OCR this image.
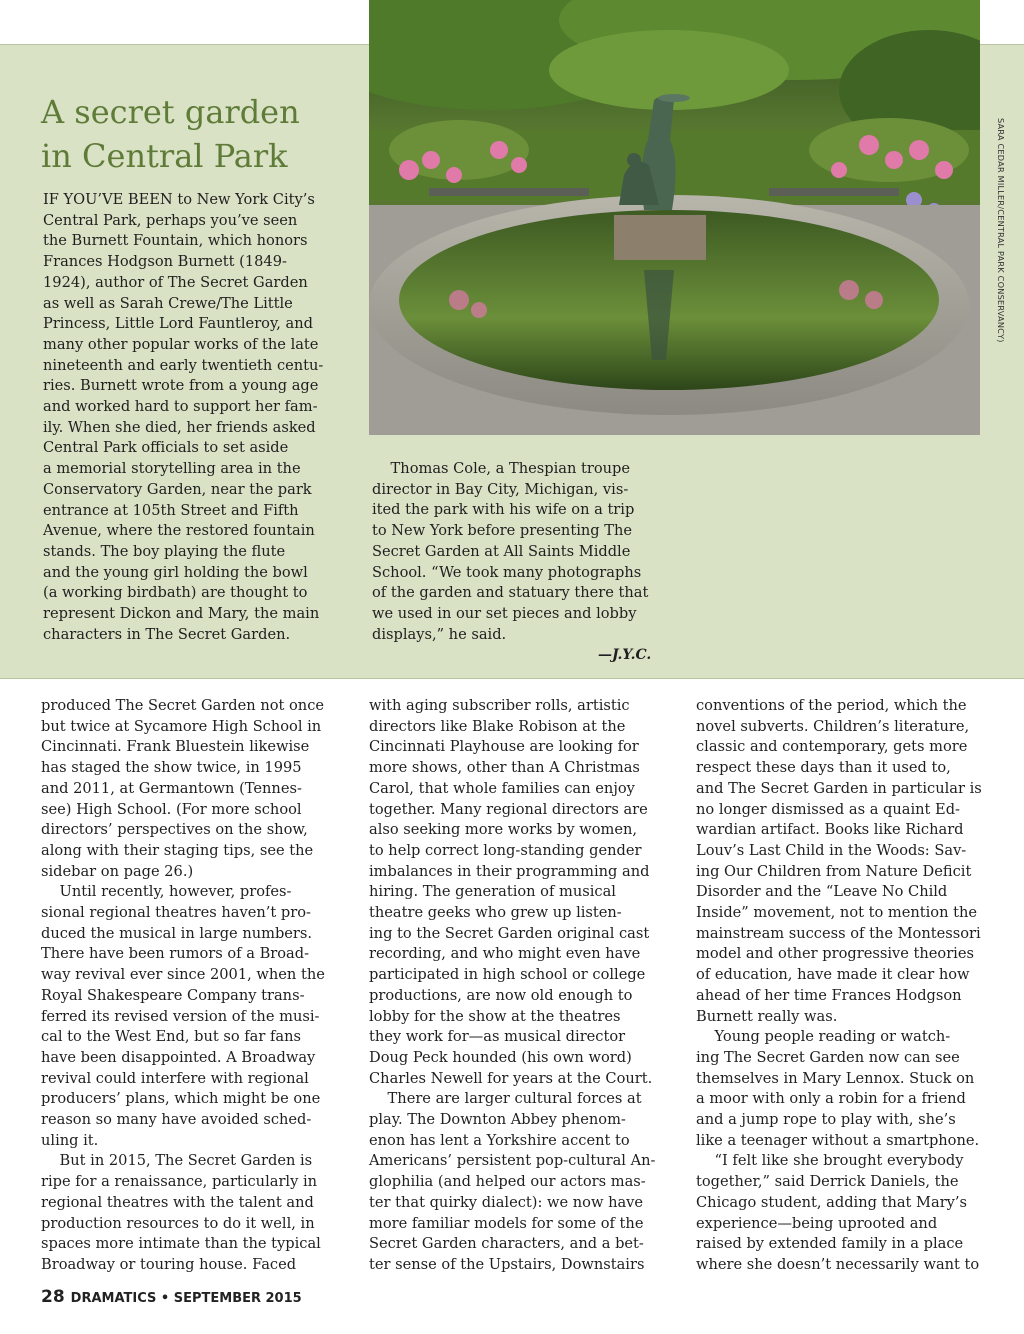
SARA CEDAR MILLER/CENTRAL PARK CONSERVANCY)
A secret garden
in Central Park
IF YOU’VE BEEN to New York City’s
Central Park, perhaps you’ve seen
the Burnett Fountain, which honors
Frances Hodgson Burnett (1849-
1924), author of The Secret Garden
as well as Sarah Crewe/The Little
Princess, Little Lord Fauntleroy, and
many other popular works of the late
nineteenth and early twentieth centu-
ries. Burnett wrote from a young age
and worked hard to support her fam-
ily. When she died, her friends asked
Central Park officials to set aside
a memorial storytelling area in the
Conservatory Garden, near the park
entrance at 105th Street and Fifth
Avenue, where the restored fountain
stands. The boy playing the flute
and the young girl holding the bowl
(a working birdbath) are thought to
represent Dickon and Mary, the main
characters in The Secret Garden.
Thomas Cole, a Thespian troupe
director in Bay City, Michigan, vis-
ited the park with his wife on a trip
to New York before presenting The
Secret Garden at All Saints Middle
School. “We took many photographs
of the garden and statuary there that
we used in our set pieces and lobby
displays,” he said.
—J.Y.C.
produced The Secret Garden not once
but twice at Sycamore High School in
Cincinnati. Frank Bluestein likewise
has staged the show twice, in 1995
and 2011, at Germantown (Tennes-
see) High School. (For more school
directors’ perspectives on the show,
along with their staging tips, see the
sidebar on page 26.)
Until recently, however, profes-
sional regional theatres haven’t pro-
duced the musical in large numbers.
There have been rumors of a Broad-
way revival ever since 2001, when the
Royal Shakespeare Company trans-
ferred its revised version of the musi-
cal to the West End, but so far fans
have been disappointed. A Broadway
revival could interfere with regional
producers’ plans, which might be one
reason so many have avoided sched-
uling it.
But in 2015, The Secret Garden is
ripe for a renaissance, particularly in
regional theatres with the talent and
production resources to do it well, in
spaces more intimate than the typical
Broadway or touring house. Faced
with aging subscriber rolls, artistic
directors like Blake Robison at the
Cincinnati Playhouse are looking for
more shows, other than A Christmas
Carol, that whole families can enjoy
together. Many regional directors are
also seeking more works by women,
to help correct long-standing gender
imbalances in their programming and
hiring. The generation of musical
theatre geeks who grew up listen-
ing to the Secret Garden original cast
recording, and who might even have
participated in high school or college
productions, are now old enough to
lobby for the show at the theatres
they work for—as musical director
Doug Peck hounded (his own word)
Charles Newell for years at the Court.
There are larger cultural forces at
play. The Downton Abbey phenom-
enon has lent a Yorkshire accent to
Americans’ persistent pop-cultural An-
glophilia (and helped our actors mas-
ter that quirky dialect): we now have
more familiar models for some of the
Secret Garden characters, and a bet-
ter sense of the Upstairs, Downstairs
conventions of the period, which the
novel subverts. Children’s literature,
classic and contemporary, gets more
respect these days than it used to,
and The Secret Garden in particular is
no longer dismissed as a quaint Ed-
wardian artifact. Books like Richard
Louv’s Last Child in the Woods: Sav-
ing Our Children from Nature Deficit
Disorder and the “Leave No Child
Inside” movement, not to mention the
mainstream success of the Montessori
model and other progressive theories
of education, have made it clear how
ahead of her time Frances Hodgson
Burnett really was.
Young people reading or watch-
ing The Secret Garden now can see
themselves in Mary Lennox. Stuck on
a moor with only a robin for a friend
and a jump rope to play with, she’s
like a teenager without a smartphone.
“I felt like she brought everybody
together,” said Derrick Daniels, the
Chicago student, adding that Mary’s
experience—being uprooted and
raised by extended family in a place
where she doesn’t necessarily want to
28 DRAMATICS • SEPTEMBER 2015
